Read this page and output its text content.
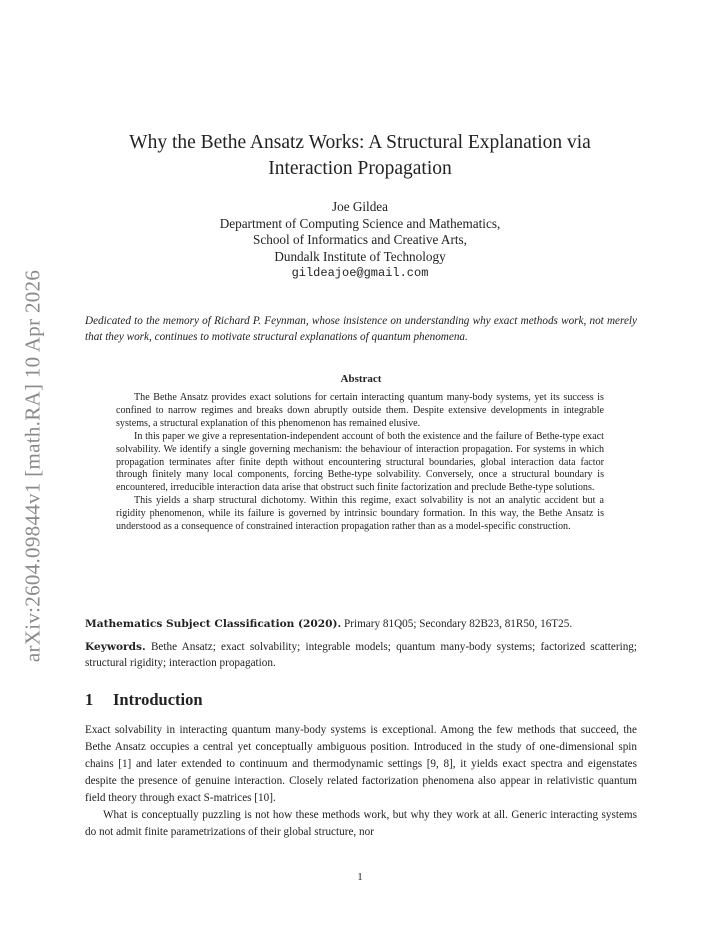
arXiv:2604.09844v1 [math.RA] 10 Apr 2026
Why the Bethe Ansatz Works: A Structural Explanation via
Interaction Propagation
Joe Gildea
Department of Computing Science and Mathematics,
School of Informatics and Creative Arts,
Dundalk Institute of Technology
gildeajoe@gmail.com
Dedicated to the memory of Richard P. Feynman, whose insistence on understanding why exact methods work, not merely that they work, continues to motivate structural explanations of quantum phenomena.
Abstract

The Bethe Ansatz provides exact solutions for certain interacting quantum many-body systems, yet its success is confined to narrow regimes and breaks down abruptly outside them. Despite extensive developments in integrable systems, a structural explanation of this phenomenon has remained elusive.

In this paper we give a representation-independent account of both the existence and the failure of Bethe-type exact solvability. We identify a single governing mechanism: the behaviour of interaction propagation. For systems in which propagation terminates after finite depth without encountering structural boundaries, global interaction data factor through finitely many local components, forcing Bethe-type solvability. Conversely, once a structural boundary is encountered, irreducible interaction data arise that obstruct such finite factorization and preclude Bethe-type solutions.

This yields a sharp structural dichotomy. Within this regime, exact solvability is not an analytic accident but a rigidity phenomenon, while its failure is governed by intrinsic boundary formation. In this way, the Bethe Ansatz is understood as a consequence of constrained interaction propagation rather than as a model-specific construction.

Mathematics Subject Classification (2020). Primary 81Q05; Secondary 82B23, 81R50, 16T25.
Keywords. Bethe Ansatz; exact solvability; integrable models; quantum many-body systems; factorized scattering; structural rigidity; interaction propagation.
1 Introduction

Exact solvability in interacting quantum many-body systems is exceptional. Among the few methods that succeed, the Bethe Ansatz occupies a central yet conceptually ambiguous position. Introduced in the study of one-dimensional spin chains [1] and later extended to continuum and thermodynamic settings [9, 8], it yields exact spectra and eigenstates despite the presence of genuine interaction. Closely related factorization phenomena also appear in relativistic quantum field theory through exact S-matrices [10].

What is conceptually puzzling is not how these methods work, but why they work at all. Generic interacting systems do not admit finite parametrizations of their global structure, nor

1
